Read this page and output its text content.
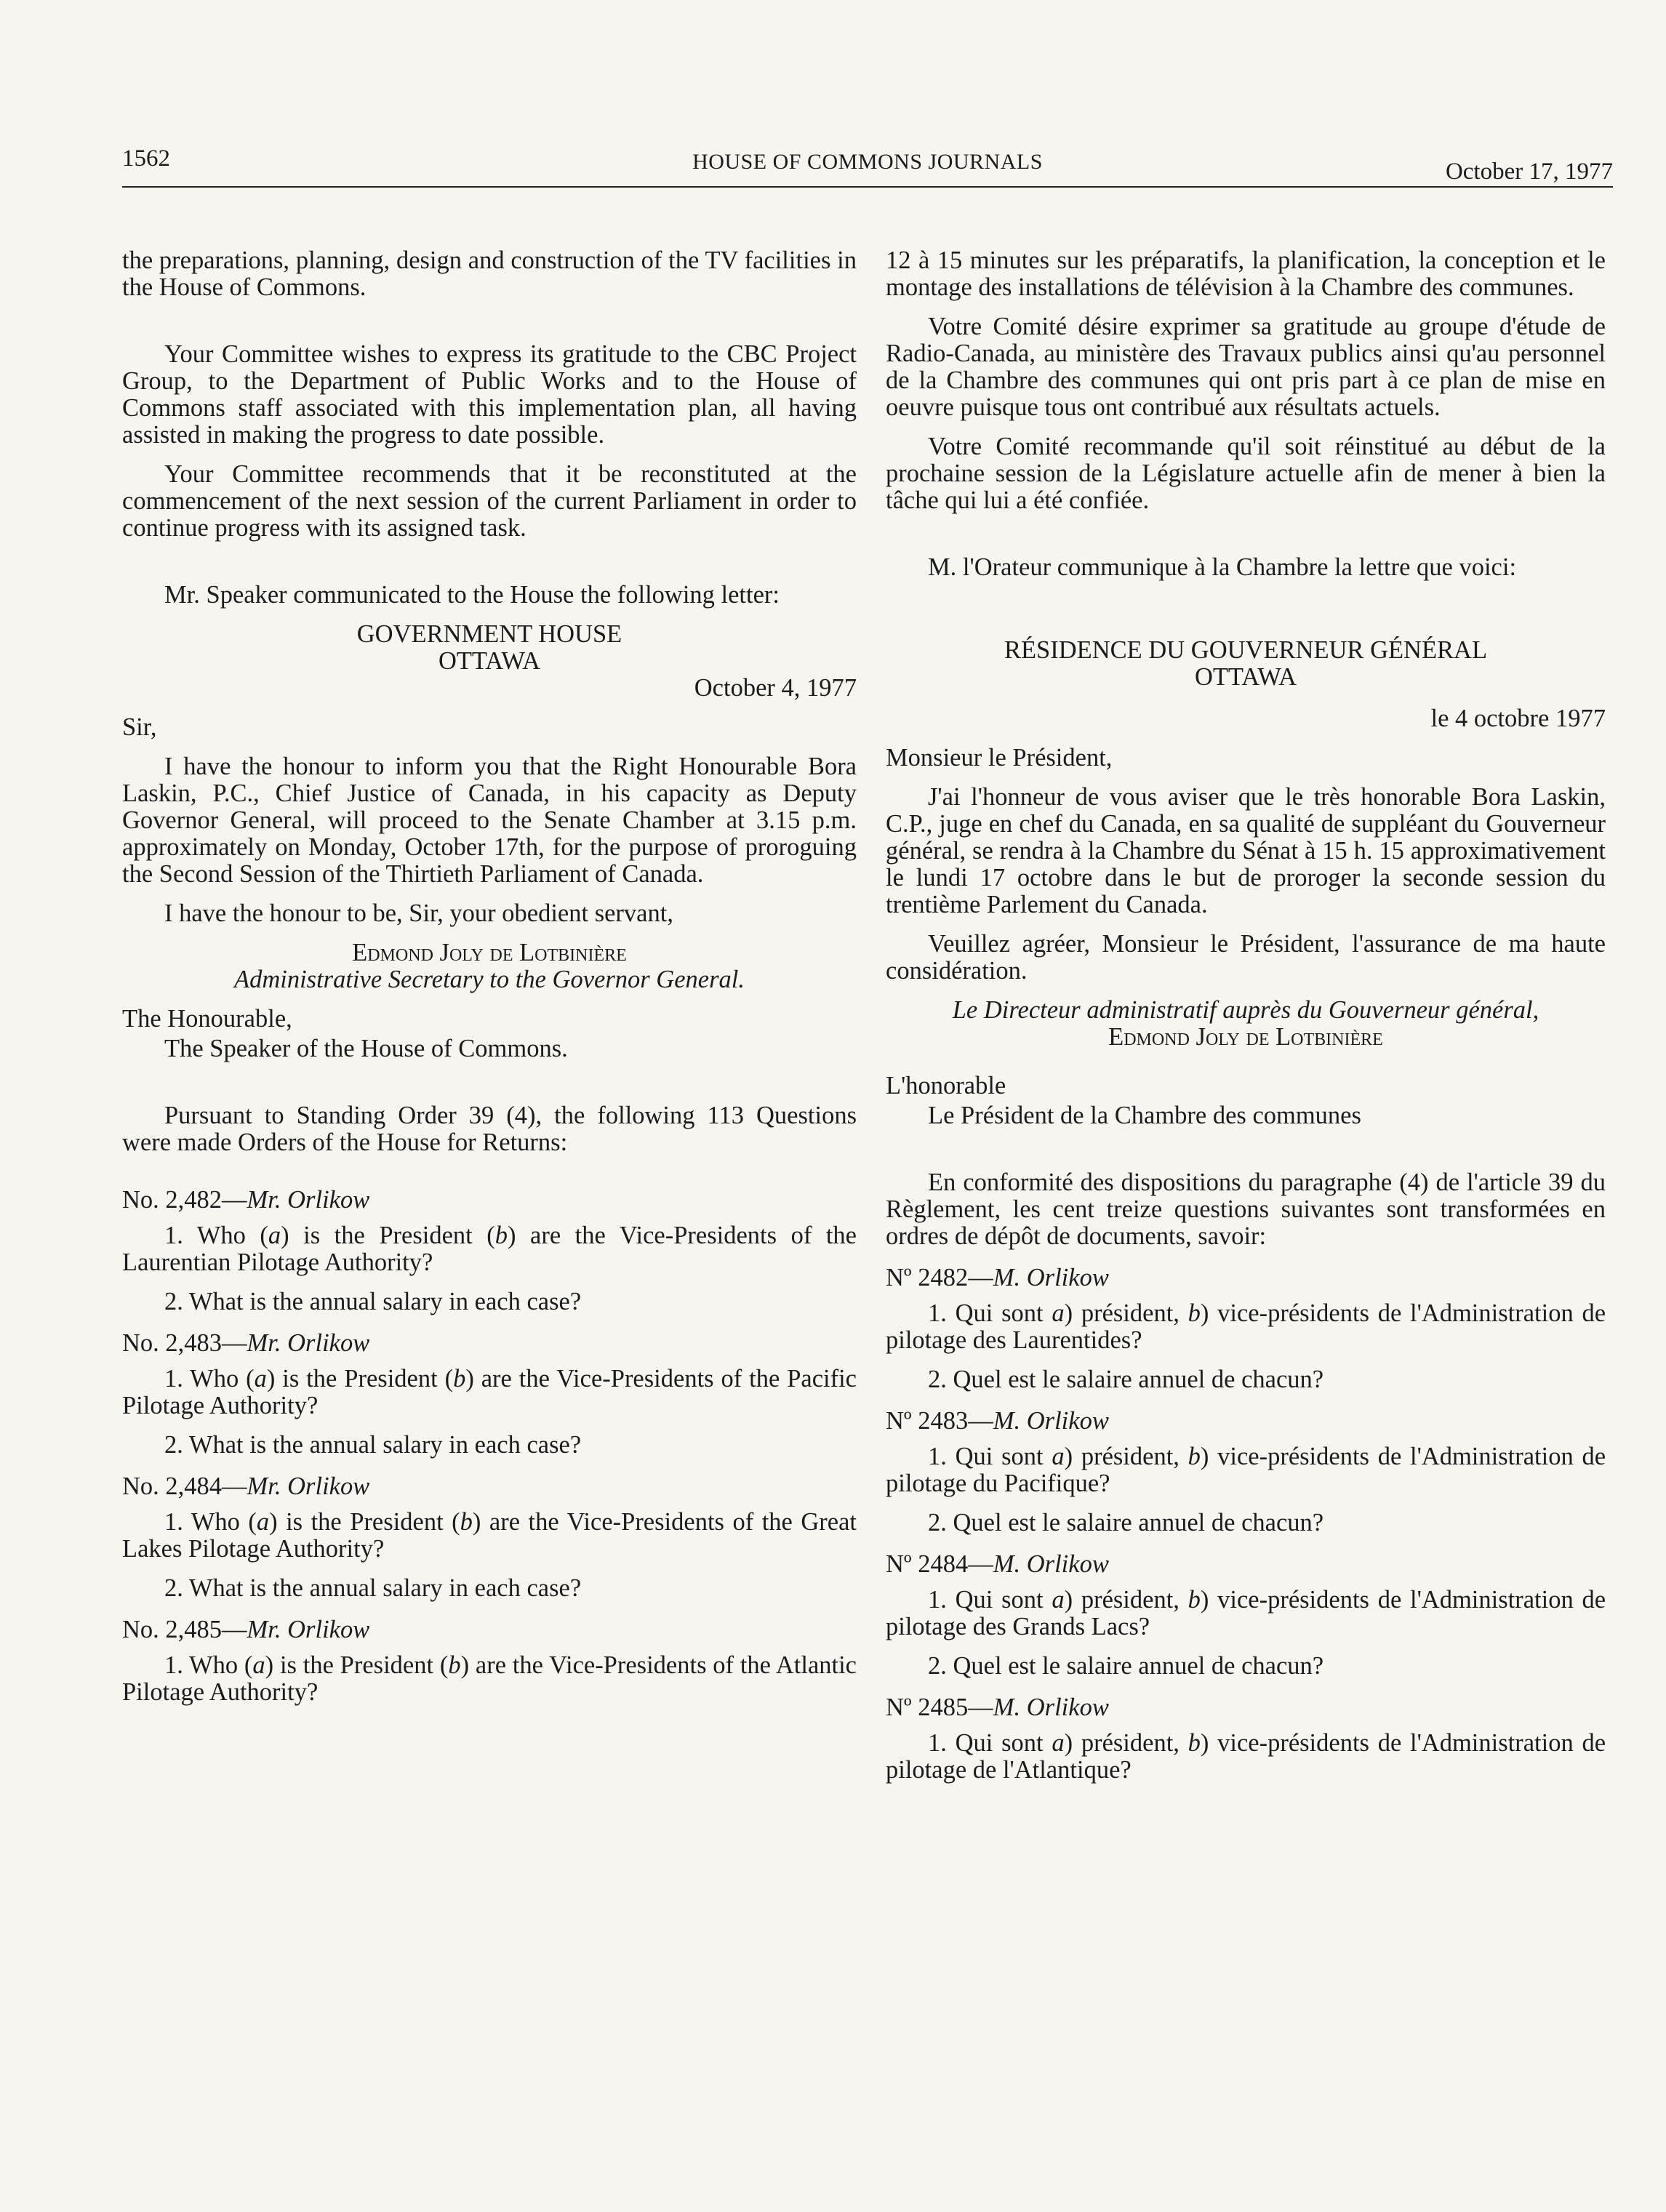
1562	HOUSE OF COMMONS JOURNALS	October 17, 1977

the preparations, planning, design and construction of the TV facilities in the House of Commons.

Your Committee wishes to express its gratitude to the CBC Project Group, to the Department of Public Works and to the House of Commons staff associated with this implementation plan, all having assisted in making the progress to date possible.

Your Committee recommends that it be reconstituted at the commencement of the next session of the current Parliament in order to continue progress with its assigned task.

Mr. Speaker communicated to the House the following letter:

GOVERNMENT HOUSE

OTTAWA

October 4, 1977

Sir,

I have the honour to inform you that the Right Honourable Bora Laskin, P.C., Chief Justice of Canada, in his capacity as Deputy Governor General, will proceed to the Senate Chamber at 3.15 p.m. approximately on Monday, October 17th, for the purpose of proroguing the Second Session of the Thirtieth Parliament of Canada.

I have the honour to be, Sir, your obedient servant,

Edmond Joly de Lotbinière

Administrative Secretary to the Governor General.

The Honourable,

The Speaker of the House of Commons.

Pursuant to Standing Order 39 (4), the following 113 Questions were made Orders of the House for Returns:

No. 2,482—Mr. Orlikow

1. Who (a) is the President (b) are the Vice-Presidents of the Laurentian Pilotage Authority?

2. What is the annual salary in each case?

No. 2,483—Mr. Orlikow

1. Who (a) is the President (b) are the Vice-Presidents of the Pacific Pilotage Authority?

2. What is the annual salary in each case?

No. 2,484—Mr. Orlikow

1. Who (a) is the President (b) are the Vice-Presidents of the Great Lakes Pilotage Authority?

2. What is the annual salary in each case?

No. 2,485—Mr. Orlikow

1. Who (a) is the President (b) are the Vice-Presidents of the Atlantic Pilotage Authority?

12 à 15 minutes sur les préparatifs, la planification, la conception et le montage des installations de télévision à la Chambre des communes.

Votre Comité désire exprimer sa gratitude au groupe d'étude de Radio-Canada, au ministère des Travaux publics ainsi qu'au personnel de la Chambre des communes qui ont pris part à ce plan de mise en oeuvre puisque tous ont contribué aux résultats actuels.

Votre Comité recommande qu'il soit réinstitué au début de la prochaine session de la Législature actuelle afin de mener à bien la tâche qui lui a été confiée.

M. l'Orateur communique à la Chambre la lettre que voici:

RÉSIDENCE DU GOUVERNEUR GÉNÉRAL

OTTAWA

le 4 octobre 1977

Monsieur le Président,

J'ai l'honneur de vous aviser que le très honorable Bora Laskin, C.P., juge en chef du Canada, en sa qualité de suppléant du Gouverneur général, se rendra à la Chambre du Sénat à 15 h. 15 approximativement le lundi 17 octobre dans le but de proroger la seconde session du trentième Parlement du Canada.

Veuillez agréer, Monsieur le Président, l'assurance de ma haute considération.

Le Directeur administratif auprès du Gouverneur général,

Edmond Joly de Lotbinière

L'honorable

Le Président de la Chambre des communes

En conformité des dispositions du paragraphe (4) de l'article 39 du Règlement, les cent treize questions suivantes sont transformées en ordres de dépôt de documents, savoir:

Nº 2482—M. Orlikow

1. Qui sont a) président, b) vice-présidents de l'Administration de pilotage des Laurentides?

2. Quel est le salaire annuel de chacun?

Nº 2483—M. Orlikow

1. Qui sont a) président, b) vice-présidents de l'Administration de pilotage du Pacifique?

2. Quel est le salaire annuel de chacun?

Nº 2484—M. Orlikow

1. Qui sont a) président, b) vice-présidents de l'Administration de pilotage des Grands Lacs?

2. Quel est le salaire annuel de chacun?

Nº 2485—M. Orlikow

1. Qui sont a) président, b) vice-présidents de l'Administration de pilotage de l'Atlantique?
